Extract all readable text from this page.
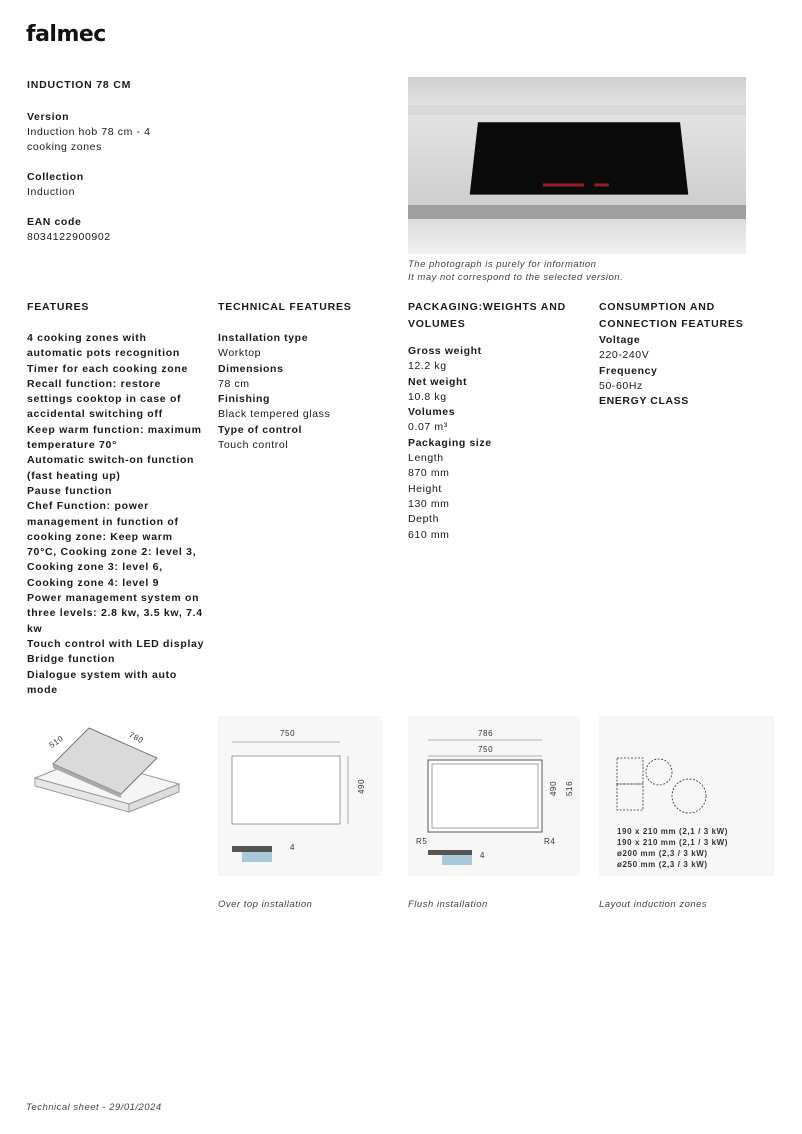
falmec
INDUCTION 78 CM
Version
Induction hob 78 cm - 4 cooking zones
Collection
Induction
EAN code
8034122900902
The photograph is purely for information
It may not correspond to the selected version.
FEATURES
4 cooking zones with automatic pots recognition
Timer for each cooking zone
Recall function: restore settings cooktop in case of accidental switching off
Keep warm function: maximum temperature 70°
Automatic switch-on function (fast heating up)
Pause function
Chef Function: power management in function of cooking zone: Keep warm 70°C, Cooking zone 2: level 3, Cooking zone 3: level 6, Cooking zone 4: level 9
Power management system on three levels: 2.8 kw, 3.5 kw, 7.4 kw
Touch control with LED display
Bridge function
Dialogue system with auto mode
TECHNICAL FEATURES
Installation type
Worktop
Dimensions
78 cm
Finishing
Black tempered glass
Type of control
Touch control
PACKAGING:WEIGHTS AND
VOLUMES
Gross weight
12.2 kg
Net weight
10.8 kg
Volumes
0.07 m³
Packaging size
Length
870 mm
Height
130 mm
Depth
610 mm
CONSUMPTION AND
CONNECTION FEATURES
Voltage
220-240V
Frequency
50-60Hz
ENERGY CLASS
510	780	750
490
4
786
750
490 516
R5	R4
4
190 x 210 mm (2,1 / 3 kW)
190 x 210 mm (2,1 / 3 kW)
ø200 mm (2,3 / 3 kW)
ø250 mm (2,3 / 3 kW)
Over top installation	Flush installation	Layout induction zones
Technical sheet - 29/01/2024
